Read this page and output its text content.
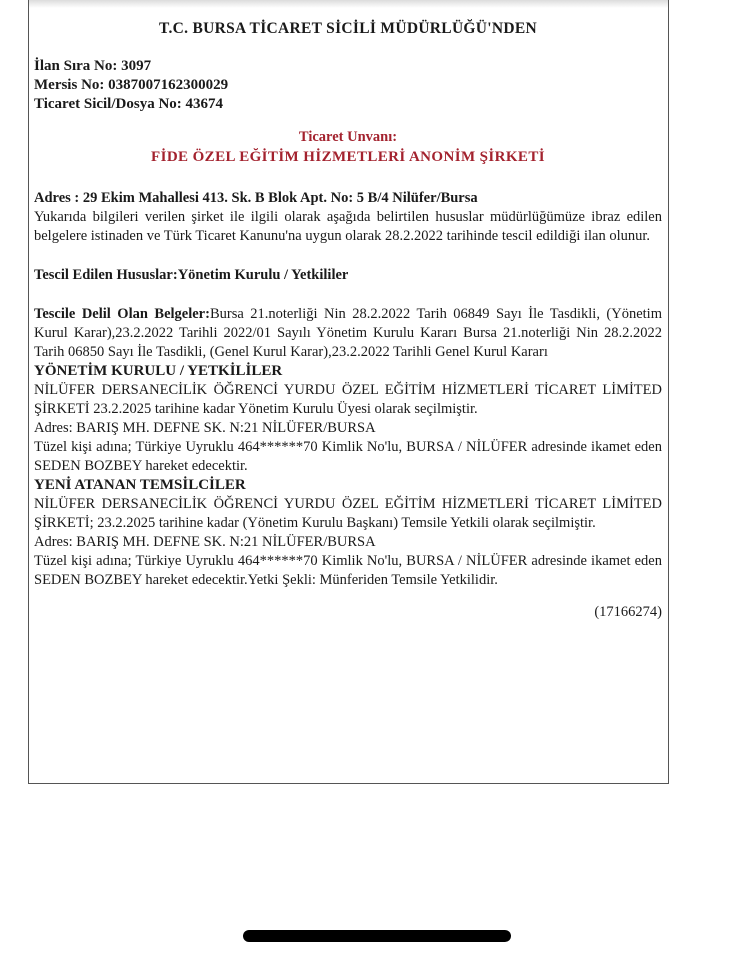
T.C. BURSA TİCARET SİCİLİ MÜDÜRLÜĞÜ'NDEN

İlan Sıra No: 3097

Mersis No: 0387007162300029

Ticaret Sicil/Dosya No: 43674

Ticaret Unvanı:

FİDE ÖZEL EĞİTİM HİZMETLERİ ANONİM ŞİRKETİ

Adres : 29 Ekim Mahallesi 413. Sk. B Blok Apt. No: 5 B/4 Nilüfer/Bursa

Yukarıda bilgileri verilen şirket ile ilgili olarak aşağıda belirtilen hususlar müdürlüğümüze ibraz edilen belgelere istinaden ve Türk Ticaret Kanunu'na uygun olarak 28.2.2022 tarihinde tescil edildiği ilan olunur.

Tescil Edilen Hususlar:Yönetim Kurulu / Yetkililer

Tescile Delil Olan Belgeler:Bursa 21.noterliği Nin 28.2.2022 Tarih 06849 Sayı İle Tasdikli, (Yönetim Kurul Karar),23.2.2022 Tarihli 2022/01 Sayılı Yönetim Kurulu Kararı Bursa 21.noterliği Nin 28.2.2022 Tarih 06850 Sayı İle Tasdikli, (Genel Kurul Karar),23.2.2022 Tarihli Genel Kurul Kararı

YÖNETİM KURULU / YETKİLİLER

NİLÜFER DERSANECİLİK ÖĞRENCİ YURDU ÖZEL EĞİTİM HİZMETLERİ TİCARET LİMİTED ŞİRKETİ 23.2.2025 tarihine kadar Yönetim Kurulu Üyesi olarak seçilmiştir.

Adres: BARIŞ MH. DEFNE SK. N:21 NİLÜFER/BURSA

Tüzel kişi adına; Türkiye Uyruklu 464******70 Kimlik No'lu, BURSA / NİLÜFER adresinde ikamet eden SEDEN BOZBEY hareket edecektir.

YENİ ATANAN TEMSİLCİLER

NİLÜFER DERSANECİLİK ÖĞRENCİ YURDU ÖZEL EĞİTİM HİZMETLERİ TİCARET LİMİTED ŞİRKETİ; 23.2.2025 tarihine kadar (Yönetim Kurulu Başkanı) Temsile Yetkili olarak seçilmiştir.

Adres: BARIŞ MH. DEFNE SK. N:21 NİLÜFER/BURSA

Tüzel kişi adına; Türkiye Uyruklu 464******70 Kimlik No'lu, BURSA / NİLÜFER adresinde ikamet eden SEDEN BOZBEY hareket edecektir.Yetki Şekli: Münferiden Temsile Yetkilidir.

(17166274)
